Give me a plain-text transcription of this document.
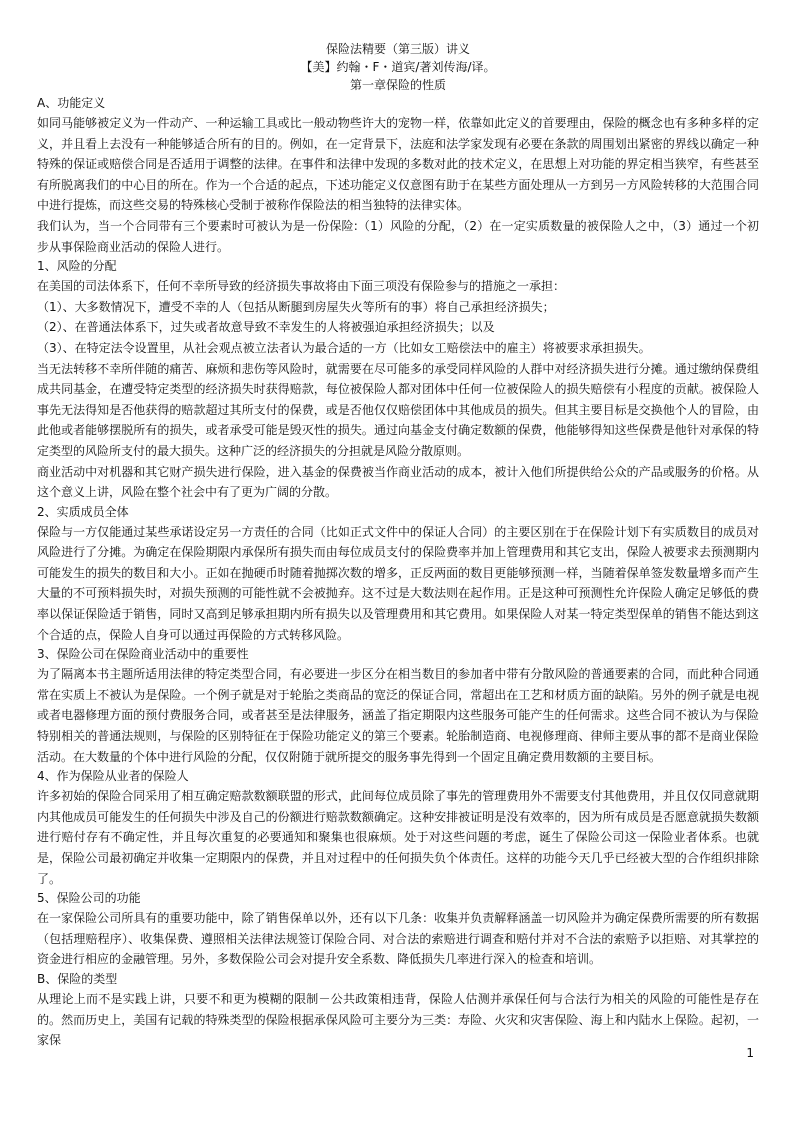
保险法精要（第三版）讲义
【美】约翰・F・道宾/著刘传海/译。
第一章保险的性质
A、功能定义

如同马能够被定义为一件动产、一种运输工具或比一般动物些许大的宠物一样，依靠如此定义的首要理由，保险的概念也有多种多样的定义，并且看上去没有一种能够适合所有的目的。例如，在一定背景下，法庭和法学家发现有必要在条款的周围划出紧密的界线以确定一种特殊的保证或赔偿合同是否适用于调整的法律。在事件和法律中发现的多数对此的技术定义，在思想上对功能的界定相当狭窄，有些甚至有所脱离我们的中心目的所在。作为一个合适的起点，下述功能定义仅意图有助于在某些方面处理从一方到另一方风险转移的大范围合同中进行提炼，而这些交易的特殊核心受制于被称作保险法的相当独特的法律实体。

我们认为，当一个合同带有三个要素时可被认为是一份保险:（1）风险的分配，（2）在一定实质数量的被保险人之中，（3）通过一个初步从事保险商业活动的保险人进行。

1、风险的分配

在美国的司法体系下，任何不幸所导致的经济损失事故将由下面三项没有保险参与的措施之一承担：

（1）、大多数情况下，遭受不幸的人（包括从断腿到房屋失火等所有的事）将自己承担经济损失；

（2）、在普通法体系下，过失或者故意导致不幸发生的人将被强迫承担经济损失；以及

（3）、在特定法令设置里，从社会观点被立法者认为最合适的一方（比如女工赔偿法中的雇主）将被要求承担损失。

当无法转移不幸所伴随的痛苦、麻烦和悲伤等风险时，就需要在尽可能多的承受同样风险的人群中对经济损失进行分摊。通过缴纳保费组成共同基金，在遭受特定类型的经济损失时获得赔款，每位被保险人都对团体中任何一位被保险人的损失赔偿有小程度的贡献。被保险人事先无法得知是否他获得的赔款超过其所支付的保费，或是否他仅仅赔偿团体中其他成员的损失。但其主要目标是交换他个人的冒险，由此他或者能够摆脱所有的损失，或者承受可能是毁灭性的损失。通过向基金支付确定数额的保费，他能够得知这些保费是他针对承保的特定类型的风险所支付的最大损失。这种广泛的经济损失的分担就是风险分散原则。

商业活动中对机器和其它财产损失进行保险，进入基金的保费被当作商业活动的成本，被计入他们所提供给公众的产品或服务的价格。从这个意义上讲，风险在整个社会中有了更为广阔的分散。

2、实质成员全体

保险与一方仅能通过某些承诺设定另一方责任的合同（比如正式文件中的保证人合同）的主要区别在于在保险计划下有实质数目的成员对风险进行了分摊。为确定在保险期限内承保所有损失而由每位成员支付的保险费率并加上管理费用和其它支出，保险人被要求去预测期内可能发生的损失的数目和大小。正如在抛硬币时随着抛掷次数的增多，正反两面的数目更能够预测一样，当随着保单签发数量增多而产生大量的不可预料损失时，对损失预测的可能性就不会被抛弃。这不过是大数法则在起作用。正是这种可预测性允许保险人确定足够低的费率以保证保险适于销售，同时又高到足够承担期内所有损失以及管理费用和其它费用。如果保险人对某一特定类型保单的销售不能达到这个合适的点，保险人自身可以通过再保险的方式转移风险。

3、保险公司在保险商业活动中的重要性

为了隔离本书主题所适用法律的特定类型合同，有必要进一步区分在相当数目的参加者中带有分散风险的普通要素的合同，而此种合同通常在实质上不被认为是保险。一个例子就是对于轮胎之类商品的宽泛的保证合同，常超出在工艺和材质方面的缺陷。另外的例子就是电视或者电器修理方面的预付费服务合同，或者甚至是法律服务，涵盖了指定期限内这些服务可能产生的任何需求。这些合同不被认为与保险特别相关的普通法规则，与保险的区别特征在于保险功能定义的第三个要素。轮胎制造商、电视修理商、律师主要从事的都不是商业保险活动。在大数量的个体中进行风险的分配，仅仅附随于就所提交的服务事先得到一个固定且确定费用数额的主要目标。

4、作为保险从业者的保险人

许多初始的保险合同采用了相互确定赔款数额联盟的形式，此间每位成员除了事先的管理费用外不需要支付其他费用，并且仅仅同意就期内其他成员可能发生的任何损失中涉及自己的份额进行赔款数额确定。这种安排被证明是没有效率的，因为所有成员是否愿意就损失数额进行赔付存有不确定性，并且每次重复的必要通知和聚集也很麻烦。处于对这些问题的考虑，诞生了保险公司这一保险业者体系。也就是，保险公司最初确定并收集一定期限内的保费，并且对过程中的任何损失负个体责任。这样的功能今天几乎已经被大型的合作组织排除了。

5、保险公司的功能

在一家保险公司所具有的重要功能中，除了销售保单以外，还有以下几条：收集并负责解释涵盖一切风险并为确定保费所需要的所有数据（包括理赔程序）、收集保费、遵照相关法律法规签订保险合同、对合法的索赔进行调查和赔付并对不合法的索赔予以拒赔、对其掌控的资金进行相应的金融管理。另外，多数保险公司会对提升安全系数、降低损失几率进行深入的检查和培训。

B、保险的类型

从理论上而不是实践上讲，只要不和更为模糊的限制－公共政策相违背，保险人估测并承保任何与合法行为相关的风险的可能性是存在的。然而历史上，美国有记载的特殊类型的保险根据承保风险可主要分为三类：寿险、火灾和灾害保险、海上和内陆水上保险。起初，一家保

1
